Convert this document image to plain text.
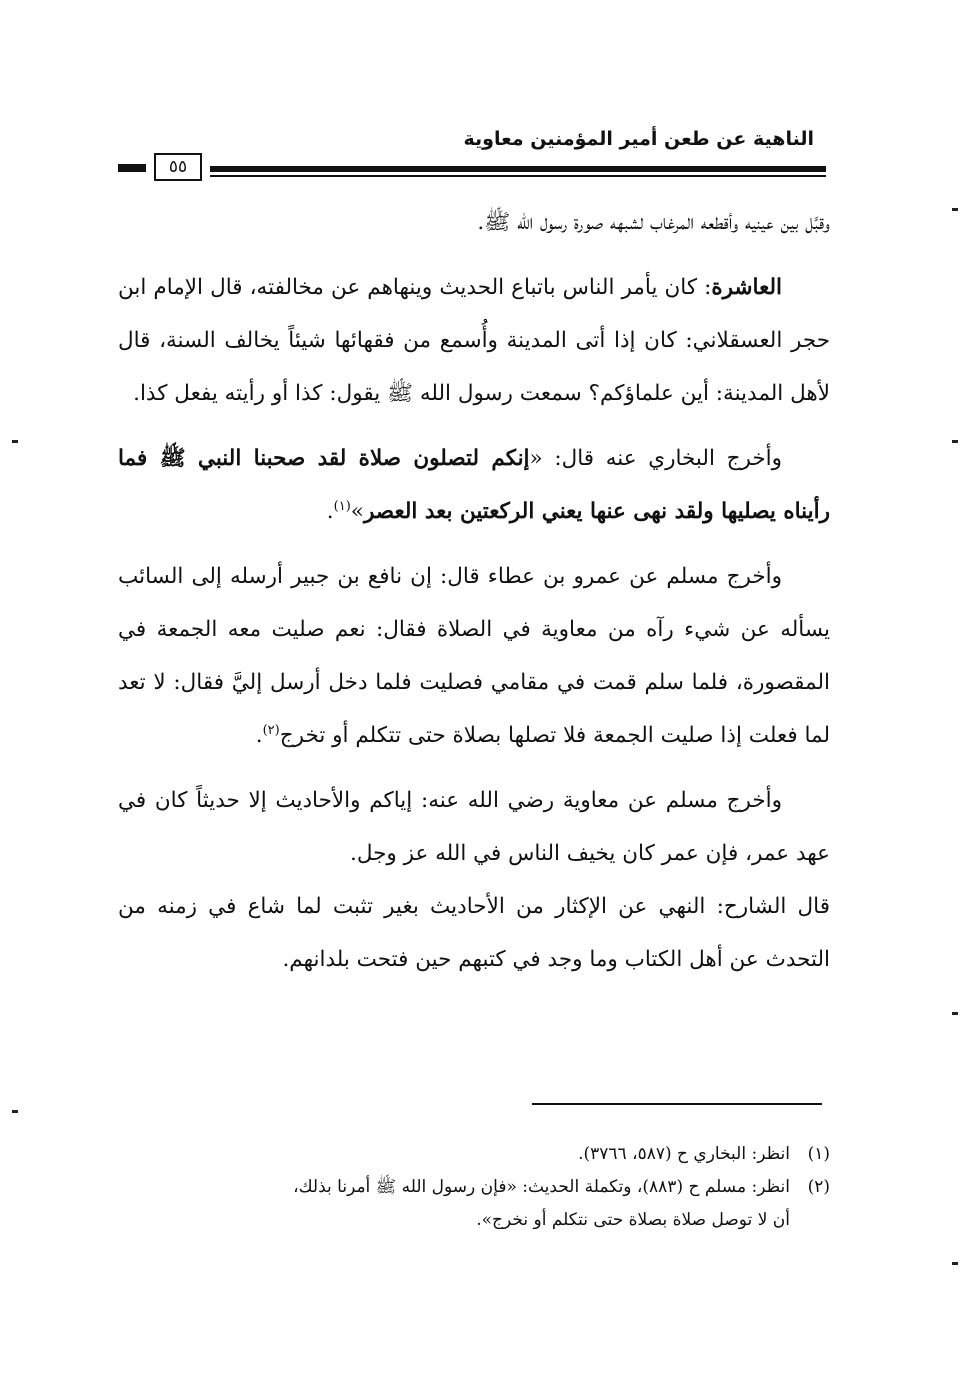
الناهية عن طعن أمير المؤمنين معاوية
٥٥

وقبَّل بين عينيه وأقطعه المرغاب لشبهه صورة رسول الله ﷺ.

العاشرة: كان يأمر الناس باتباع الحديث وينهاهم عن مخالفته، قال الإمام ابن حجر العسقلاني: كان إذا أتى المدينة وأُسمع من فقهائها شيئاً يخالف السنة، قال لأهل المدينة: أين علماؤكم؟ سمعت رسول الله ﷺ يقول: كذا أو رأيته يفعل كذا.

وأخرج البخاري عنه قال: «إنكم لتصلون صلاة لقد صحبنا النبي ﷺ فما رأيناه يصليها ولقد نهى عنها يعني الركعتين بعد العصر»$^{(١)}$.

وأخرج مسلم عن عمرو بن عطاء قال: إن نافع بن جبير أرسله إلى السائب يسأله عن شيء رآه من معاوية في الصلاة فقال: نعم صليت معه الجمعة في المقصورة، فلما سلم قمت في مقامي فصليت فلما دخل أرسل إليَّ فقال: لا تعد لما فعلت إذا صليت الجمعة فلا تصلها بصلاة حتى تتكلم أو تخرج$^{(٢)}$.

وأخرج مسلم عن معاوية رضي الله عنه: إياكم والأحاديث إلا حديثاً كان في عهد عمر، فإن عمر كان يخيف الناس في الله عز وجل.

قال الشارح: النهي عن الإكثار من الأحاديث بغير تثبت لما شاع في زمنه من التحدث عن أهل الكتاب وما وجد في كتبهم حين فتحت بلدانهم.

(١)انظر: البخاري ح (٥٨٧، ٣٧٦٦).

(٢)انظر: مسلم ح (٨٨٣)، وتكملة الحديث: «فإن رسول الله ﷺ أمرنا بذلك،

أن لا توصل صلاة بصلاة حتى نتكلم أو نخرج».
